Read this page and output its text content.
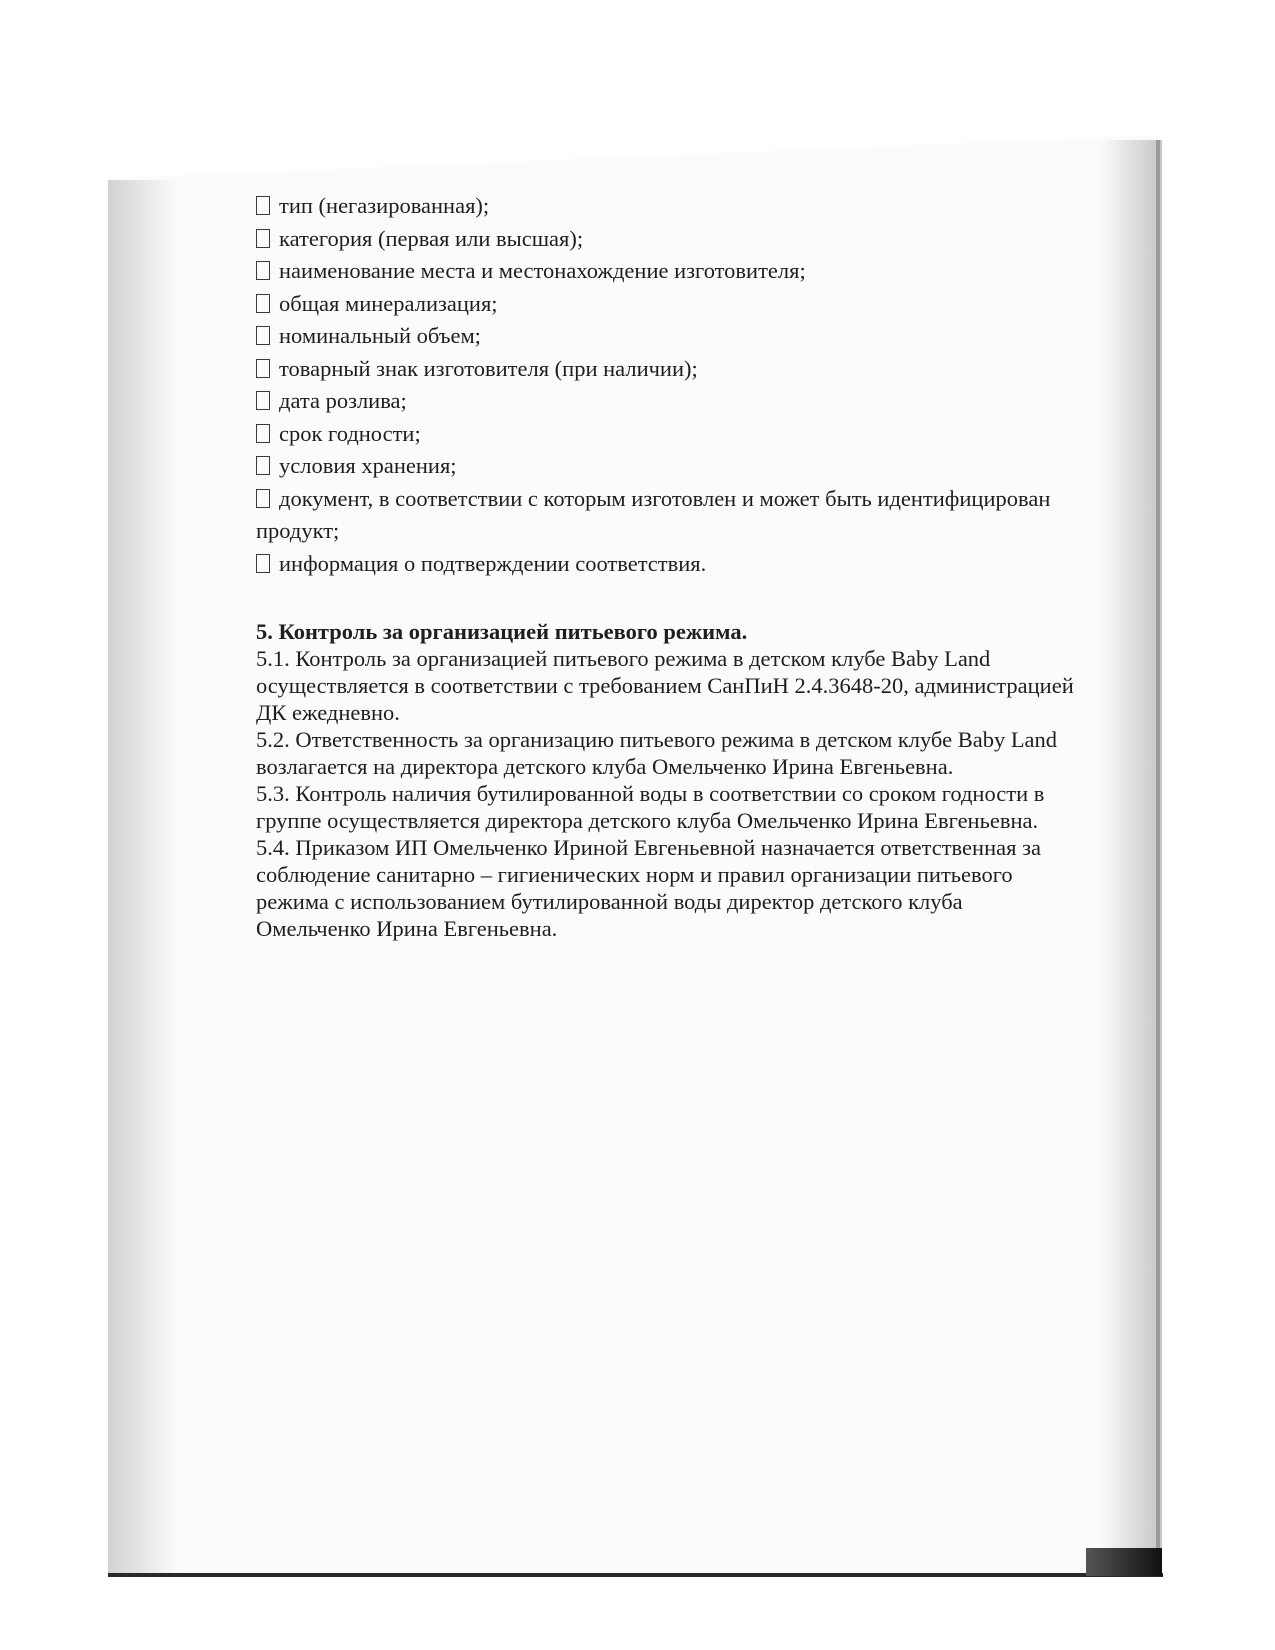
тип (негазированная);
категория (первая или высшая);
наименование места и местонахождение изготовителя;
общая минерализация;
номинальный объем;
товарный знак изготовителя (при наличии);
дата розлива;
срок годности;
условия хранения;
документ, в соответствии с которым изготовлен и может быть идентифицирован продукт;
информация о подтверждении соответствия.
5. Контроль за организацией питьевого режима.
5.1. Контроль за организацией питьевого режима в детском клубе Baby Land осуществляется в соответствии с требованием СанПиН 2.4.3648-20, администрацией ДК ежедневно.
5.2. Ответственность за организацию питьевого режима в детском клубе Baby Land возлагается на директора детского клуба Омельченко Ирина Евгеньевна.
5.3. Контроль наличия бутилированной воды в соответствии со сроком годности в группе осуществляется директора детского клуба Омельченко Ирина Евгеньевна.
5.4. Приказом ИП Омельченко Ириной Евгеньевной назначается ответственная за соблюдение санитарно – гигиенических норм и правил организации питьевого режима с использованием бутилированной воды директор детского клуба Омельченко Ирина Евгеньевна.
